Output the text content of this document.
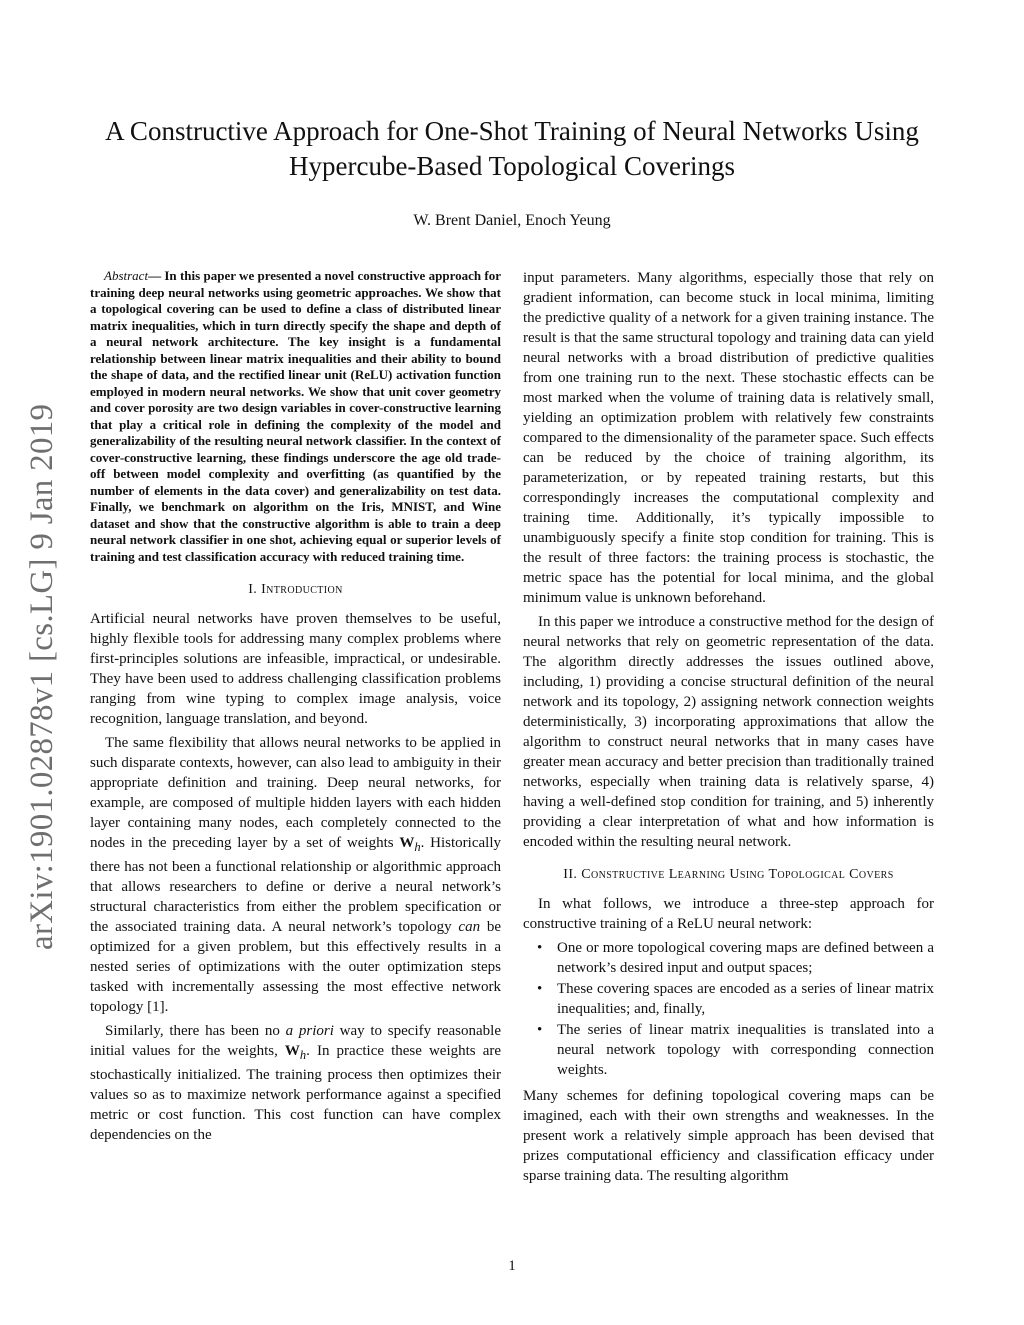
arXiv:1901.02878v1 [cs.LG] 9 Jan 2019
A Constructive Approach for One-Shot Training of Neural Networks Using
Hypercube-Based Topological Coverings
W. Brent Daniel, Enoch Yeung

Abstract— In this paper we presented a novel constructive approach for training deep neural networks using geometric approaches. We show that a topological covering can be used to define a class of distributed linear matrix inequalities, which in turn directly specify the shape and depth of a neural network architecture. The key insight is a fundamental relationship between linear matrix inequalities and their ability to bound the shape of data, and the rectified linear unit (ReLU) activation function employed in modern neural networks. We show that unit cover geometry and cover porosity are two design variables in cover-constructive learning that play a critical role in defining the complexity of the model and generalizability of the resulting neural network classifier. In the context of cover-constructive learning, these findings underscore the age old trade-off between model complexity and overfitting (as quantified by the number of elements in the data cover) and generalizability on test data. Finally, we benchmark on algorithm on the Iris, MNIST, and Wine dataset and show that the constructive algorithm is able to train a deep neural network classifier in one shot, achieving equal or superior levels of training and test classification accuracy with reduced training time.

I. Introduction

Artificial neural networks have proven themselves to be useful, highly flexible tools for addressing many complex problems where first-principles solutions are infeasible, impractical, or undesirable. They have been used to address challenging classification problems ranging from wine typing to complex image analysis, voice recognition, language translation, and beyond.

The same flexibility that allows neural networks to be applied in such disparate contexts, however, can also lead to ambiguity in their appropriate definition and training. Deep neural networks, for example, are composed of multiple hidden layers with each hidden layer containing many nodes, each completely connected to the nodes in the preceding layer by a set of weights $W_h$. Historically there has not been a functional relationship or algorithmic approach that allows researchers to define or derive a neural network’s structural characteristics from either the problem specification or the associated training data. A neural network’s topology can be optimized for a given problem, but this effectively results in a nested series of optimizations with the outer optimization steps tasked with incrementally assessing the most effective network topology [1].

Similarly, there has been no a priori way to specify reasonable initial values for the weights, $W_h$. In practice these weights are stochastically initialized. The training process then optimizes their values so as to maximize network performance against a specified metric or cost function. This cost function can have complex dependencies on the

input parameters. Many algorithms, especially those that rely on gradient information, can become stuck in local minima, limiting the predictive quality of a network for a given training instance. The result is that the same structural topology and training data can yield neural networks with a broad distribution of predictive qualities from one training run to the next. These stochastic effects can be most marked when the volume of training data is relatively small, yielding an optimization problem with relatively few constraints compared to the dimensionality of the parameter space. Such effects can be reduced by the choice of training algorithm, its parameterization, or by repeated training restarts, but this correspondingly increases the computational complexity and training time. Additionally, it’s typically impossible to unambiguously specify a finite stop condition for training. This is the result of three factors: the training process is stochastic, the metric space has the potential for local minima, and the global minimum value is unknown beforehand.

In this paper we introduce a constructive method for the design of neural networks that rely on geometric representation of the data. The algorithm directly addresses the issues outlined above, including, 1) providing a concise structural definition of the neural network and its topology, 2) assigning network connection weights deterministically, 3) incorporating approximations that allow the algorithm to construct neural networks that in many cases have greater mean accuracy and better precision than traditionally trained networks, especially when training data is relatively sparse, 4) having a well-defined stop condition for training, and 5) inherently providing a clear interpretation of what and how information is encoded within the resulting neural network.

II. Constructive Learning Using Topological Covers

In what follows, we introduce a three-step approach for constructive training of a ReLU neural network:

• One or more topological covering maps are defined between a network’s desired input and output spaces;
• These covering spaces are encoded as a series of linear matrix inequalities; and, finally,
• The series of linear matrix inequalities is translated into a neural network topology with corresponding connection weights.

Many schemes for defining topological covering maps can be imagined, each with their own strengths and weaknesses. In the present work a relatively simple approach has been devised that prizes computational efficiency and classification efficacy under sparse training data. The resulting algorithm

1
